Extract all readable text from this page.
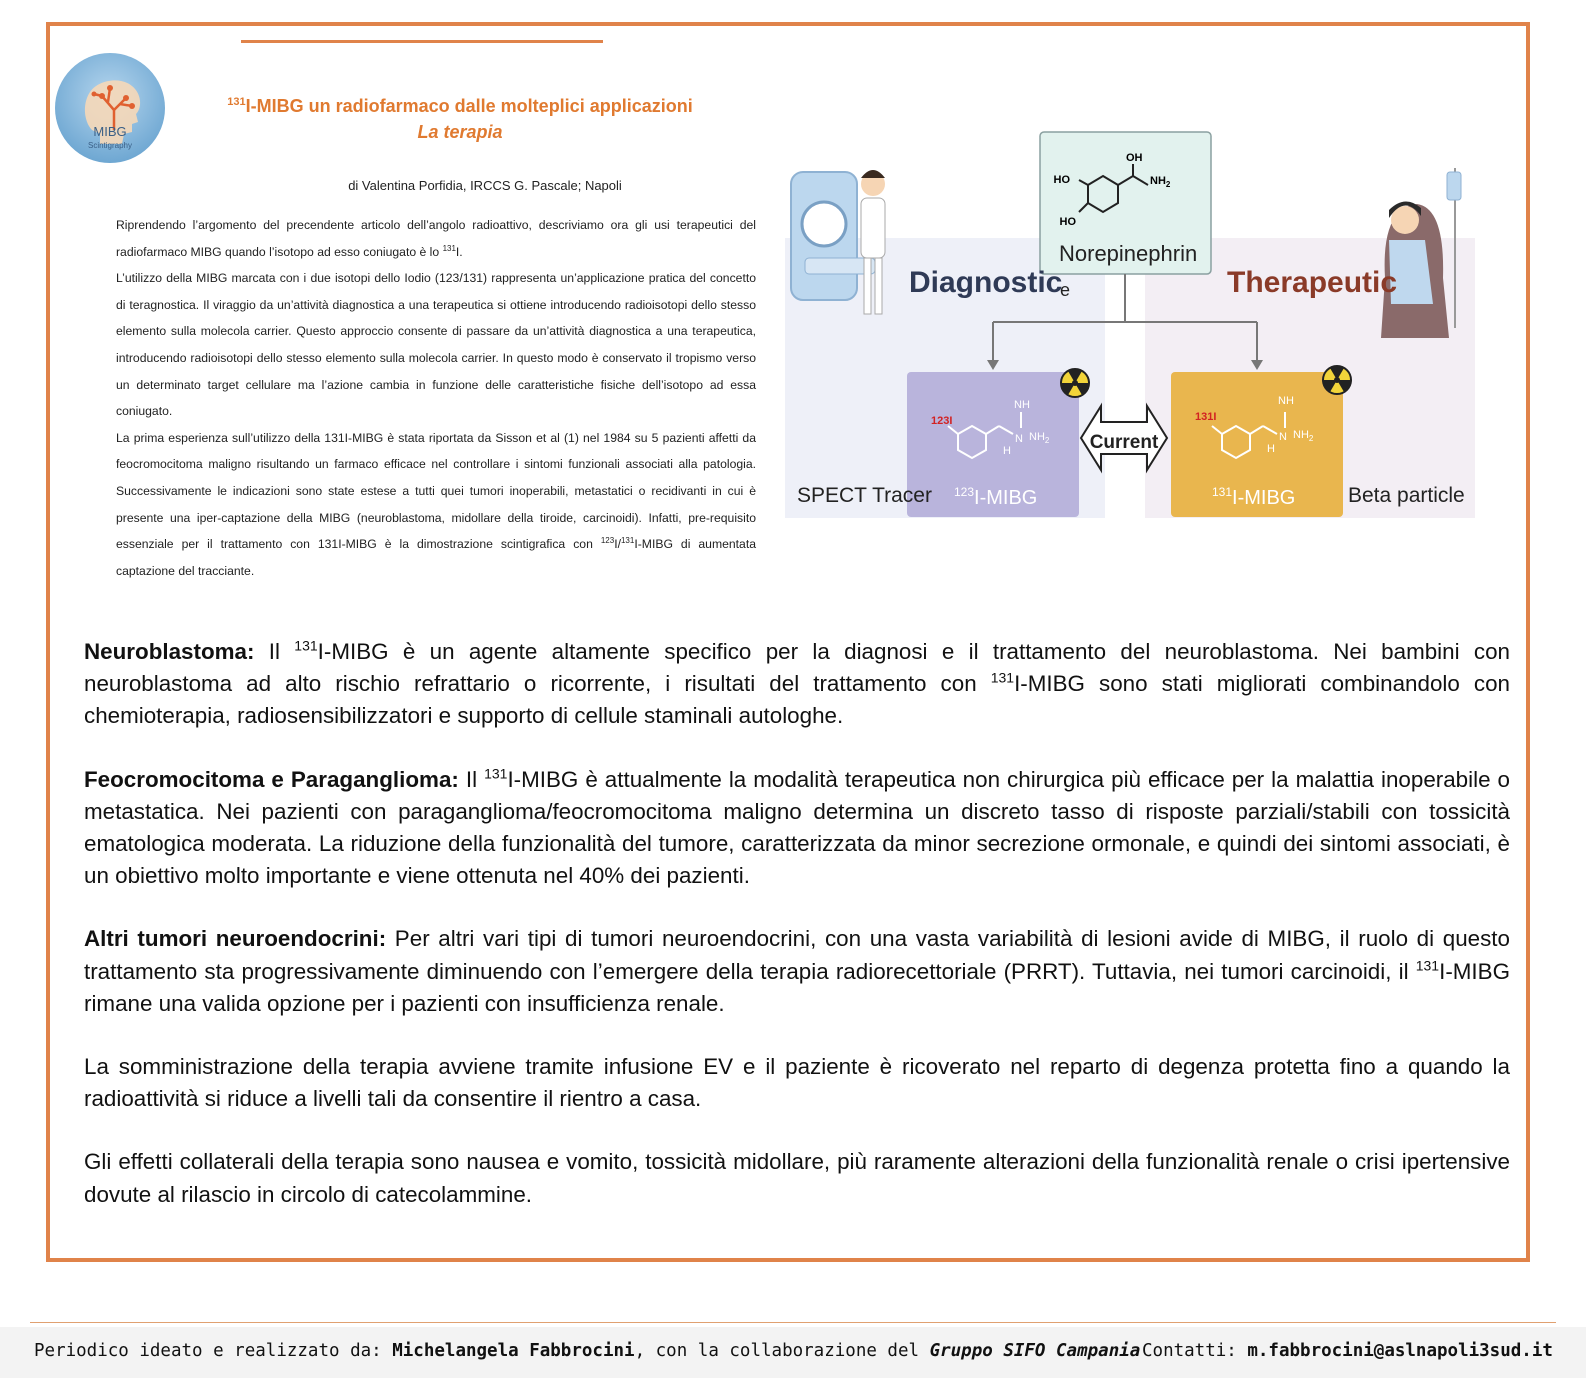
MIBG
Scintigraphy
$^{131}$I-MIBG un radiofarmaco dalle molteplici applicazioni
La terapia
di Valentina Porfidia, IRCCS G. Pascale; Napoli

Riprendendo l’argomento del precendente articolo dell’angolo radioattivo, descriviamo ora gli usi terapeutici del radiofarmaco MIBG quando l’isotopo ad esso coniugato è lo $^{131}$I.

L’utilizzo della MIBG marcata con i due isotopi dello Iodio (123/131) rappresenta un’applicazione pratica del concetto di teragnostica. Il viraggio da un’attività diagnostica a una terapeutica si ottiene introducendo radioisotopi dello stesso elemento sulla molecola carrier. Questo approccio consente di passare da un’attività diagnostica a una terapeutica, introducendo radioisotopi dello stesso elemento sulla molecola carrier. In questo modo è conservato il tropismo verso un determinato target cellulare ma l’azione cambia in funzione delle caratteristiche fisiche dell’isotopo ad essa coniugato.

La prima esperienza sull’utilizzo della 131I-MIBG è stata riportata da Sisson et al (1) nel 1984 su 5 pazienti affetti da feocromocitoma maligno risultando un farmaco efficace nel controllare i sintomi funzionali associati alla patologia. Successivamente le indicazioni sono state estese a tutti quei tumori inoperabili, metastatici o recidivanti in cui è presente una iper-captazione della MIBG (neuroblastoma, midollare della tiroide, carcinoidi). Infatti, pre-requisito essenziale per il trattamento con 131I-MIBG è la dimostrazione scintigrafica con $^{123}$I/$^{131}$I-MIBG di aumentata captazione del tracciante.

OH
HO
HO
$NH_2$
Norepinephrin
e
Diagnostic	Therapeutic
123I
NH
N
H
$NH_2$
$^{123}$I-MIBG
131I
NH
N
H
$NH_2$
$^{131}$I-MIBG
Current
SPECT Tracer	Beta particle

Neuroblastoma: Il $^{131}$I-MIBG è un agente altamente specifico per la diagnosi e il trattamento del neuroblastoma. Nei bambini con neuroblastoma ad alto rischio refrattario o ricorrente, i risultati del trattamento con $^{131}$I-MIBG sono stati migliorati combinandolo con chemioterapia, radiosensibilizzatori e supporto di cellule staminali autologhe.

Feocromocitoma e Paraganglioma: Il $^{131}$I-MIBG è attualmente la modalità terapeutica non chirurgica più efficace per la malattia inoperabile o metastatica. Nei pazienti con paraganglioma/feocromocitoma maligno determina un discreto tasso di risposte parziali/stabili con tossicità ematologica moderata. La riduzione della funzionalità del tumore, caratterizzata da minor secrezione ormonale, e quindi dei sintomi associati, è un obiettivo molto importante e viene ottenuta nel 40% dei pazienti.

Altri tumori neuroendocrini: Per altri vari tipi di tumori neuroendocrini, con una vasta variabilità di lesioni avide di MIBG, il ruolo di questo trattamento sta progressivamente diminuendo con l’emergere della terapia radiorecettoriale (PRRT). Tuttavia, nei tumori carcinoidi, il $^{131}$I-MIBG rimane una valida opzione per i pazienti con insufficienza renale.

La somministrazione della terapia avviene tramite infusione EV e il paziente è ricoverato nel reparto di degenza protetta fino a quando la radioattività si riduce a livelli tali da consentire il rientro a casa.

Gli effetti collaterali della terapia sono nausea e vomito, tossicità midollare, più raramente alterazioni della funzionalità renale o crisi ipertensive dovute al rilascio in circolo di catecolammine.

Periodico ideato e realizzato da: Michelangela Fabbrocini, con la collaborazione del Gruppo SIFO Campania Contatti: m.fabbrocini@aslnapoli3sud.it
